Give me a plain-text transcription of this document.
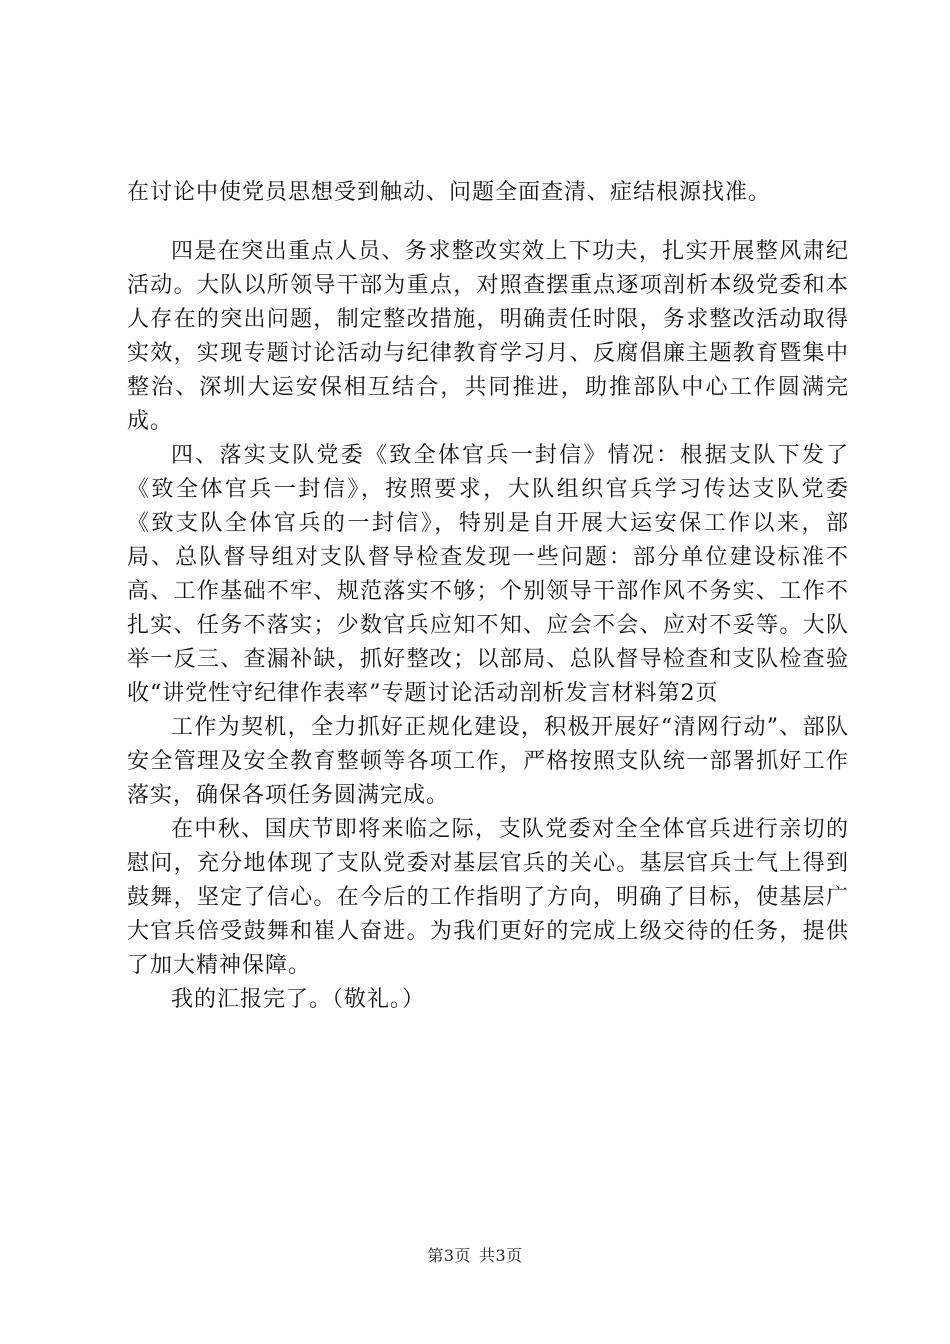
在讨论中使党员思想受到触动、问题全面查清、症结根源找准。

四是在突出重点人员、务求整改实效上下功夫，扎实开展整风肃纪活动。大队以所领导干部为重点，对照查摆重点逐项剖析本级党委和本人存在的突出问题，制定整改措施，明确责任时限，务求整改活动取得实效，实现专题讨论活动与纪律教育学习月、反腐倡廉主题教育暨集中整治、深圳大运安保相互结合，共同推进，助推部队中心工作圆满完成。

四、落实支队党委《致全体官兵一封信》情况：根据支队下发了《致全体官兵一封信》，按照要求，大队组织官兵学习传达支队党委《致支队全体官兵的一封信》，特别是自开展大运安保工作以来，部局、总队督导组对支队督导检查发现一些问题：部分单位建设标准不高、工作基础不牢、规范落实不够；个别领导干部作风不务实、工作不扎实、任务不落实；少数官兵应知不知、应会不会、应对不妥等。大队举一反三、查漏补缺，抓好整改；以部局、总队督导检查和支队检查验收“讲党性守纪律作表率”专题讨论活动剖析发言材料第2页

工作为契机，全力抓好正规化建设，积极开展好“清网行动”、部队安全管理及安全教育整顿等各项工作，严格按照支队统一部署抓好工作落实，确保各项任务圆满完成。

在中秋、国庆节即将来临之际，支队党委对全全体官兵进行亲切的慰问，充分地体现了支队党委对基层官兵的关心。基层官兵士气上得到鼓舞，坚定了信心。在今后的工作指明了方向，明确了目标，使基层广大官兵倍受鼓舞和崔人奋进。为我们更好的完成上级交待的任务，提供了加大精神保障。

我的汇报完了。（敬礼。）

第3页 共3页
